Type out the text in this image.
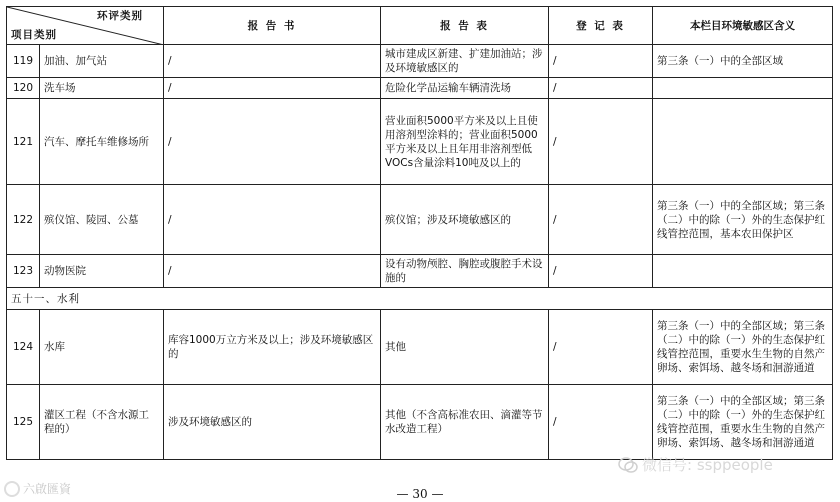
环评类别
项目类别		报 告 书	报 告 表	登 记 表	本栏目环境敏感区含义
119	加油、加气站	/	城市建成区新建、扩建加油站；涉及环境敏感区的	/	第三条（一）中的全部区域
120	洗车场	/	危险化学品运输车辆清洗场	/	
121	汽车、摩托车维修场所	/	营业面积5000平方米及以上且使用溶剂型涂料的；营业面积5000平方米及以上且年用非溶剂型低VOCs含量涂料10吨及以上的	/	
122	殡仪馆、陵园、公墓	/	殡仪馆；涉及环境敏感区的	/	第三条（一）中的全部区域；第三条（二）中的除（一）外的生态保护红线管控范围，基本农田保护区
123	动物医院	/	设有动物颅腔、胸腔或腹腔手术设施的	/	
五十一、水利					
124	水库	库容1000万立方米及以上；涉及环境敏感区的	其他	/	第三条（一）中的全部区域；第三条（二）中的除（一）外的生态保护红线管控范围，重要水生生物的自然产卵场、索饵场、越冬场和洄游通道
125	灌区工程（不含水源工程的）	涉及环境敏感区的	其他（不含高标准农田、滴灌等节水改造工程）	/	第三条（一）中的全部区域；第三条（二）中的除（一）外的生态保护红线管控范围，重要水生生物的自然产卵场、索饵场、越冬场和洄游通道
微信号: ssppeople
六啟匯資	— 30 —
